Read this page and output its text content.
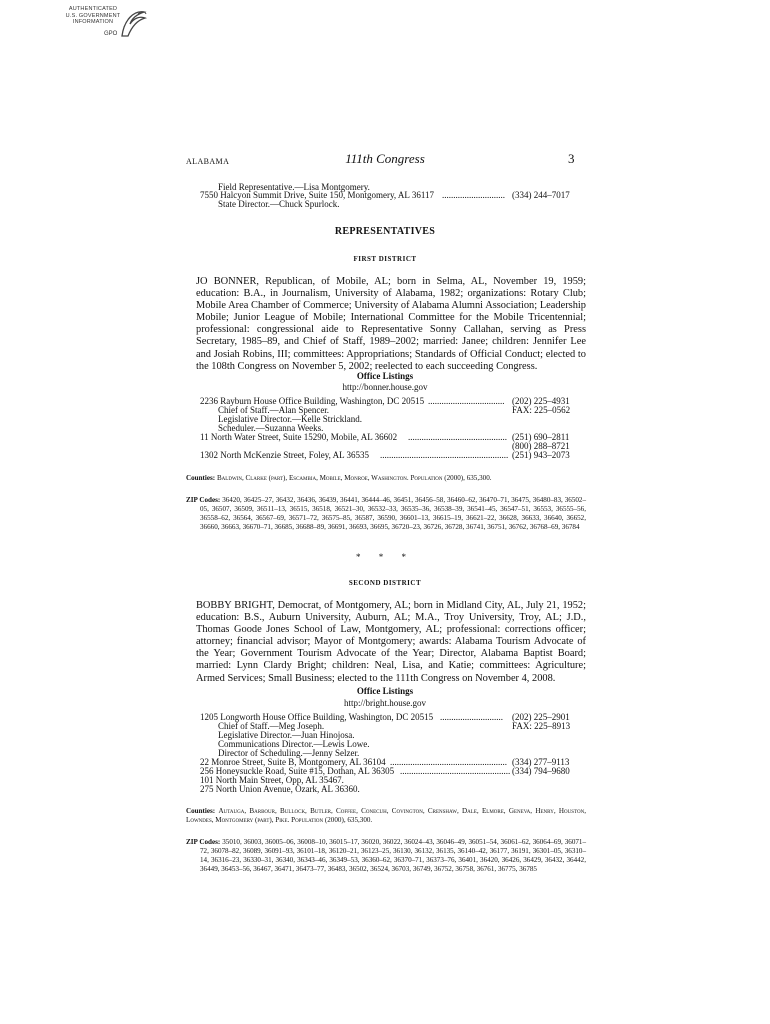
AUTHENTICATED
U.S. GOVERNMENT
INFORMATION
GPO
ALABAMA	111th Congress	3
Field Representative.—Lisa Montgomery.
7550 Halcyon Summit Drive, Suite 150, Montgomery, AL 36117 ............................ (334) 244–7017
State Director.—Chuck Spurlock.
REPRESENTATIVES
FIRST DISTRICT
JO BONNER, Republican, of Mobile, AL; born in Selma, AL, November 19, 1959; education: B.A., in Journalism, University of Alabama, 1982; organizations: Rotary Club; Mobile Area Chamber of Commerce; University of Alabama Alumni Association; Leadership Mobile; Junior League of Mobile; International Committee for the Mobile Tricentennial; professional: congressional aide to Representative Sonny Callahan, serving as Press Secretary, 1985–89, and Chief of Staff, 1989–2002; married: Janee; children: Jennifer Lee and Josiah Robins, III; committees: Appropriations; Standards of Official Conduct; elected to the 108th Congress on November 5, 2002; reelected to each succeeding Congress.
Office Listings
http://bonner.house.gov
2236 Rayburn House Office Building, Washington, DC 20515 .................................. (202) 225–4931
Chief of Staff.—Alan Spencer.	FAX: 225–0562
Legislative Director.—Kelle Strickland.
Scheduler.—Suzanna Weeks.
11 North Water Street, Suite 15290, Mobile, AL 36602 ............................................ (251) 690–2811
(800) 288–8721
1302 North McKenzie Street, Foley, AL 36535 ......................................................... (251) 943–2073
Counties: Baldwin, Clarke (part), Escambia, Mobile, Monroe, Washington. Population (2000), 635,300.
ZIP Codes: 36420, 36425–27, 36432, 36436, 36439, 36441, 36444–46, 36451, 36456–58, 36460–62, 36470–71, 36475, 36480–83, 36502–05, 36507, 36509, 36511–13, 36515, 36518, 36521–30, 36532–33, 36535–36, 36538–39, 36541–45, 36547–51, 36553, 36555–56, 36558–62, 36564, 36567–69, 36571–72, 36575–85, 36587, 36590, 36601–13, 36615–19, 36621–22, 36628, 36633, 36640, 36652, 36660, 36663, 36670–71, 36685, 36688–89, 36691, 36693, 36695, 36720–23, 36726, 36728, 36741, 36751, 36762, 36768–69, 36784
* * *
SECOND DISTRICT
BOBBY BRIGHT, Democrat, of Montgomery, AL; born in Midland City, AL, July 21, 1952; education: B.S., Auburn University, Auburn, AL; M.A., Troy University, Troy, AL; J.D., Thomas Goode Jones School of Law, Montgomery, AL; professional: corrections officer; attorney; financial advisor; Mayor of Montgomery; awards: Alabama Tourism Advocate of the Year; Government Tourism Advocate of the Year; Director, Alabama Baptist Board; married: Lynn Clardy Bright; children: Neal, Lisa, and Katie; committees: Agriculture; Armed Services; Small Business; elected to the 111th Congress on November 4, 2008.
Office Listings
http://bright.house.gov
1205 Longworth House Office Building, Washington, DC 20515 ............................ (202) 225–2901
Chief of Staff.—Meg Joseph.	FAX: 225–8913
Legislative Director.—Juan Hinojosa.
Communications Director.—Lewis Lowe.
Director of Scheduling.—Jenny Selzer.
22 Monroe Street, Suite B, Montgomery, AL 36104 .................................................... (334) 277–9113
256 Honeysuckle Road, Suite #15, Dothan, AL 36305 ................................................. (334) 794–9680
101 North Main Street, Opp, AL 35467.
275 North Union Avenue, Ozark, AL 36360.
Counties: Autauga, Barbour, Bullock, Butler, Coffee, Conecuh, Covington, Crenshaw, Dale, Elmore, Geneva, Henry, Houston, Lowndes, Montgomery (part), Pike. Population (2000), 635,300.
ZIP Codes: 35010, 36003, 36005–06, 36008–10, 36015–17, 36020, 36022, 36024–43, 36046–49, 36051–54, 36061–62, 36064–69, 36071–72, 36078–82, 36089, 36091–93, 36101–18, 36120–21, 36123–25, 36130, 36132, 36135, 36140–42, 36177, 36191, 36301–05, 36310–14, 36316–23, 36330–31, 36340, 36343–46, 36349–53, 36360–62, 36370–71, 36373–76, 36401, 36420, 36426, 36429, 36432, 36442, 36449, 36453–56, 36467, 36471, 36473–77, 36483, 36502, 36524, 36703, 36749, 36752, 36758, 36761, 36775, 36785
